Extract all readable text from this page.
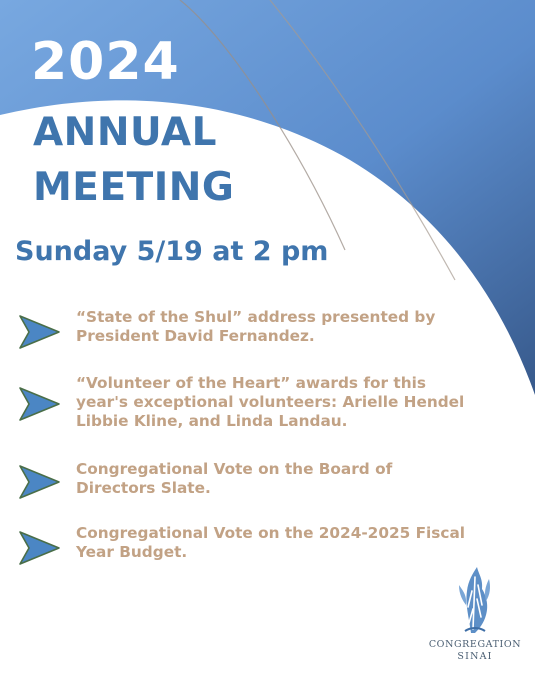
2024
ANNUAL
MEETING
Sunday 5/19 at 2 pm
“State of the Shul” address presented by
President David Fernandez.
“Volunteer of the Heart” awards for this
year's exceptional volunteers: Arielle Hendel
Libbie Kline, and Linda Landau.
Congregational Vote on the Board of
Directors Slate.
Congregational Vote on the 2024-2025 Fiscal
Year Budget.
CONGREGATION
SINAI
